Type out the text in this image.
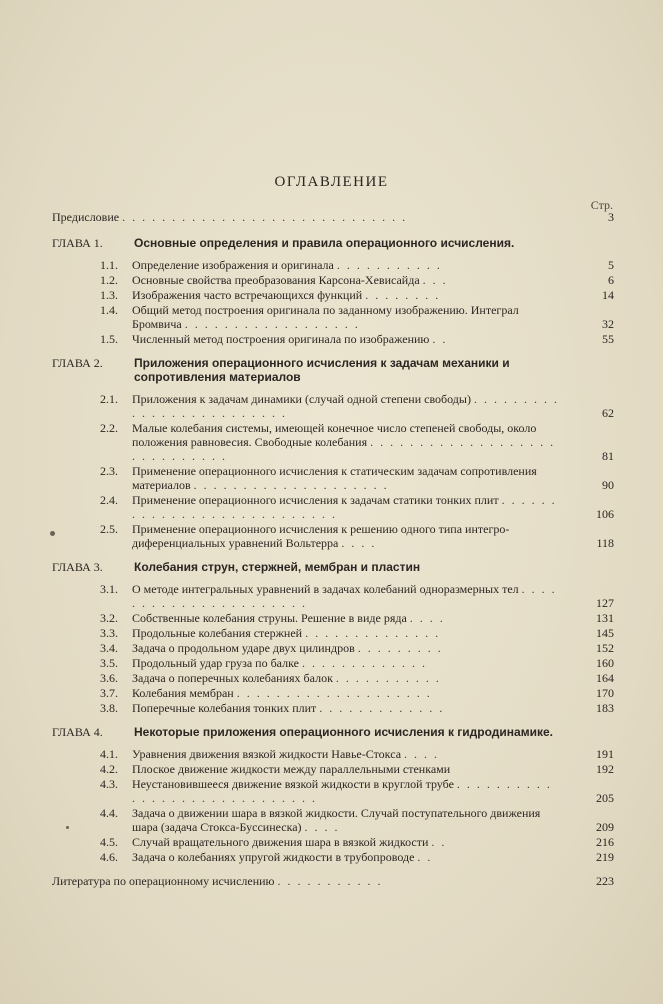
ОГЛАВЛЕНИЕ
Стр.
Предисловие . . . . . . . . . . . . . . . . . . . . . . . . . . . . .	3
ГЛАВА 1.	Основные определения и правила операционного исчисления.
1.1.	Определение изображения и оригинала . . . . . . . . . . .	5
1.2.	Основные свойства преобразования Карсона-Хевисайда . . .	6
1.3.	Изображения часто встречающихся функций . . . . . . . .	14
1.4.	Общий метод построения оригинала по заданному изображению. Интеграл Бромвича . . . . . . . . . . . . . . . . . .	32
1.5.	Численный метод построения оригинала по изображению . .	55
ГЛАВА 2.	Приложения операционного исчисления к задачам механики и сопротивления материалов
2.1.	Приложения к задачам динамики (случай одной степени свободы) . . . . . . . . . . . . . . . . . . . . . . . . .	62
2.2.	Малые колебания системы, имеющей конечное число степеней свободы, около положения равновесия. Свободные колебания . . . . . . . . . . . . . . . . . . . . . . . . . . . . .	81
2.3.	Применение операционного исчисления к статическим задачам сопротивления материалов . . . . . . . . . . . . . . . . . . . .	90
2.4.	Применение операционного исчисления к задачам статики тонких плит . . . . . . . . . . . . . . . . . . . . . . . . . . .	106
2.5.	Применение операционного исчисления к решению одного типа интегро-диференциальных уравнений Вольтерра . . . .	118
ГЛАВА 3.	Колебания струн, стержней, мембран и пластин
3.1.	О методе интегральных уравнений в задачах колебаний одноразмерных тел . . . . . . . . . . . . . . . . . . . . . .	127
3.2.	Собственные колебания струны. Решение в виде ряда . . . .	131
3.3.	Продольные колебания стержней . . . . . . . . . . . . . .	145
3.4.	Задача о продольном ударе двух цилиндров . . . . . . . . .	152
3.5.	Продольный удар груза по балке . . . . . . . . . . . . .	160
3.6.	Задача о поперечных колебаниях балок . . . . . . . . . . .	164
3.7.	Колебания мембран . . . . . . . . . . . . . . . . . . . .	170
3.8.	Поперечные колебания тонких плит . . . . . . . . . . . . .	183
ГЛАВА 4.	Некоторые приложения операционного исчисления к гидродинамике.
4.1.	Уравнения движения вязкой жидкости Навье-Стокса . . . .	191
4.2.	Плоское движение жидкости между параллельными стенками	192
4.3.	Неустановившееся движение вязкой жидкости в круглой трубе . . . . . . . . . . . . . . . . . . . . . . . . . . . . .	205
4.4.	Задача о движении шара в вязкой жидкости. Случай поступательного движения шара (задача Стокса-Буссинеска) . . . .	209
4.5.	Случай вращательного движения шара в вязкой жидкости . .	216
4.6.	Задача о колебаниях упругой жидкости в трубопроводе . .	219
Литература по операционному исчислению . . . . . . . . . . .	223
